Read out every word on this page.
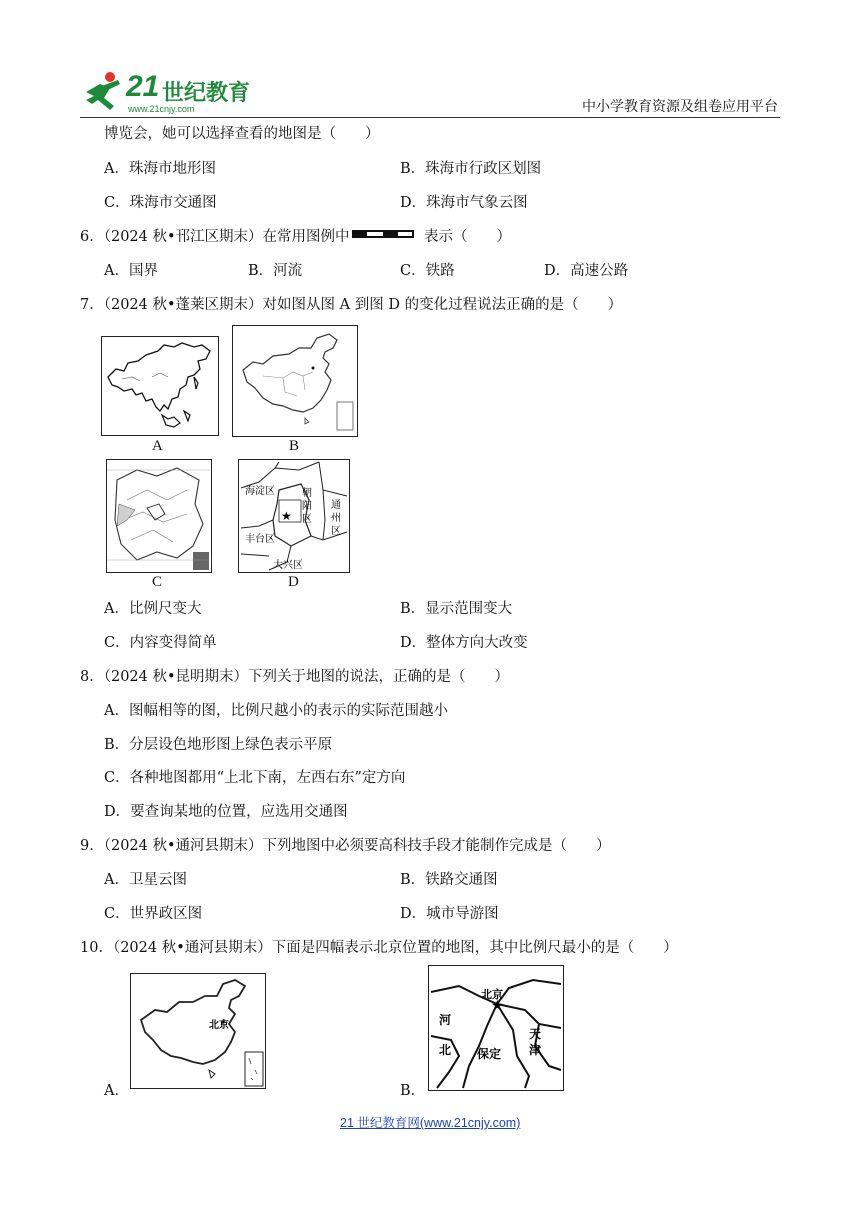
21 世纪教育
www.21cnjy.com	中小学教育资源及组卷应用平台
博览会，她可以选择查看的地图是（　　）
A．珠海市地形图	B．珠海市行政区划图
C．珠海市交通图	D．珠海市气象云图
6．（2024 秋•邗江区期末）在常用图例中	表示（　　）
A．国界	B．河流	C．铁路	D．高速公路
7．（2024 秋•蓬莱区期末）对如图从图 A 到图 D 的变化过程说法正确的是（　　）
A．比例尺变大	B．显示范围变大
C．内容变得简单	D．整体方向大改变
8．（2024 秋•昆明期末）下列关于地图的说法，正确的是（　　）
A．图幅相等的图，比例尺越小的表示的实际范围越小
B．分层设色地形图上绿色表示平原
C．各种地图都用“上北下南，左西右东”定方向
D．要查询某地的位置，应选用交通图
9．（2024 秋•通河县期末）下列地图中必须要高科技手段才能制作完成是（　　）
A．卫星云图	B．铁路交通图
C．世界政区图	D．城市导游图
10．（2024 秋•通河县期末）下面是四幅表示北京位置的地图，其中比例尺最小的是（　　）
A	B
C
★
海淀区	朝
阳
区
通
州
区
丰台区
大兴区
D
A．
北京
B．
★
北京
河
北 保定
天
津
21 世纪教育网(www.21cnjy.com)
